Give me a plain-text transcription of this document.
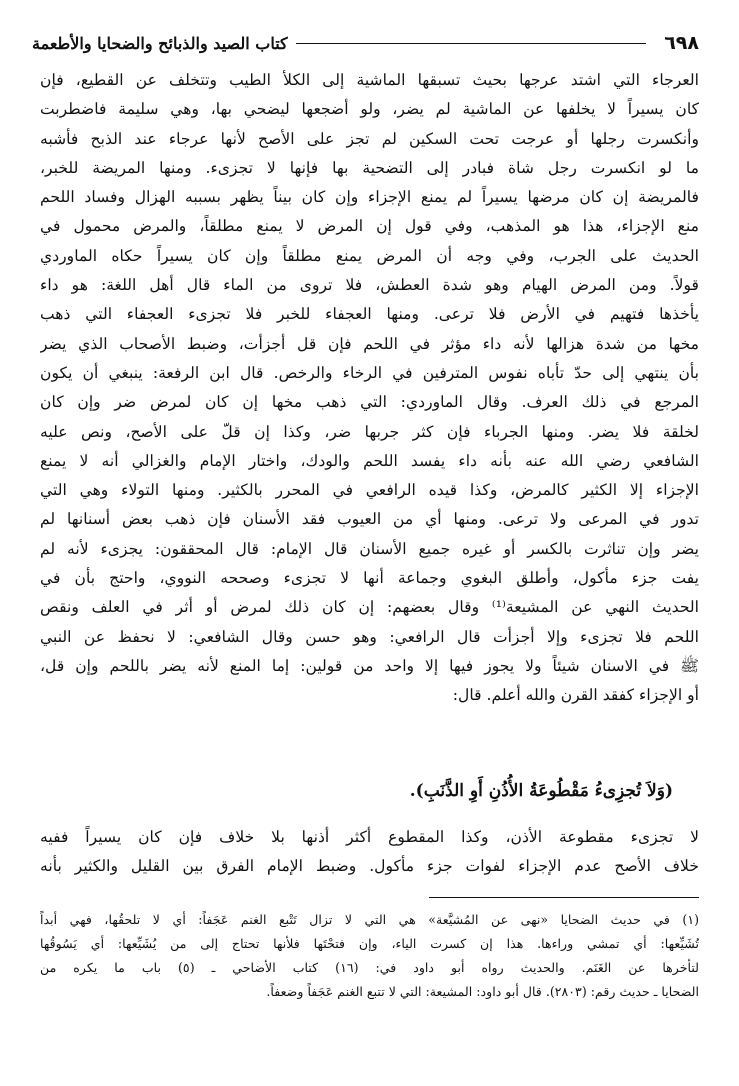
٦٩٨
كتاب الصيد والذبائح والضحايا والأطعمة
العرجاء التي اشتد عرجها بحيث تسبقها الماشية إلى الكلأ الطيب وتتخلف عن القطيع، فإن
كان يسيراً لا يخلفها عن الماشية لم يضر، ولو أضجعها ليضحي بها، وهي سليمة فاضطربت
وأنكسرت رجلها أو عرجت تحت السكين لم تجز على الأصح لأنها عرجاء عند الذبح فأشبه
ما لو انكسرت رجل شاة فبادر إلى التضحية بها فإنها لا تجزىء. ومنها المريضة للخبر،
فالمريضة إن كان مرضها يسيراً لم يمنع الإجزاء وإن كان بيناً يظهر بسببه الهزال وفساد اللحم
منع الإجزاء، هذا هو المذهب، وفي قول إن المرض لا يمنع مطلقاً، والمرض محمول في
الحديث على الجرب، وفي وجه أن المرض يمنع مطلقاً وإن كان يسيراً حكاه الماوردي
قولاً. ومن المرض الهيام وهو شدة العطش، فلا تروى من الماء قال أهل اللغة: هو داء
يأخذها فتهيم في الأرض فلا ترعى. ومنها العجفاء للخبر فلا تجزىء العجفاء التي ذهب
مخها من شدة هزالها لأنه داء مؤثر في اللحم فإن قل أجزأت، وضبط الأصحاب الذي يضر
بأن ينتهي إلى حدّ تأباه نفوس المترفين في الرخاء والرخص. قال ابن الرفعة: ينبغي أن يكون
المرجع في ذلك العرف. وقال الماوردي: التي ذهب مخها إن كان لمرض ضر وإن كان
لخلقة فلا يضر. ومنها الجرباء فإن كثر جربها ضر، وكذا إن قلّ على الأصح، ونص عليه
الشافعي رضي الله عنه بأنه داء يفسد اللحم والودك، واختار الإمام والغزالي أنه لا يمنع
الإجزاء إلا الكثير كالمرض، وكذا قيده الرافعي في المحرر بالكثير. ومنها التولاء وهي التي
تدور في المرعى ولا ترعى. ومنها أي من العيوب فقد الأسنان فإن ذهب بعض أسنانها لم
يضر وإن تناثرت بالكسر أو غيره جميع الأسنان قال الإمام: قال المحققون: يجزىء لأنه لم
يفت جزء مأكول، وأطلق البغوي وجماعة أنها لا تجزىء وصححه النووي، واحتج بأن في
الحديث النهي عن المشيعة⁽¹⁾ وقال بعضهم: إن كان ذلك لمرض أو أثر في العلف ونقص
اللحم فلا تجزىء وإلا أجزأت قال الرافعي: وهو حسن وقال الشافعي: لا نحفظ عن النبي
ﷺ في الاسنان شيئاً ولا يجوز فيها إلا واحد من قولين: إما المنع لأنه يضر باللحم وإن قل،
أو الإجزاء كفقد القرن والله أعلم. قال:
(وَلاَ تُجزِىءُ مَقْطُوعَةُ الأُذُنِ أَوِ الذَّنَبِ).
لا تجزىء مقطوعة الأذن، وكذا المقطوع أكثر أذنها بلا خلاف فإن كان يسيراً ففيه
خلاف الأصح عدم الإجزاء لفوات جزء مأكول. وضبط الإمام الفرق بين القليل والكثير بأنه
(١) في حديث الضحايا «نهى عن المُشيَّعة» هي التي لا تزال تَتْبع الغنم عَجَفاً: أي لا تلحقُها، فهي أبداً
تُشَيِّعها: أي تمشي وراءها. هذا إن كسرت الياء، وإن فتحْتَها فلأنها تحتاج إلى من يُشَيِّعها: أي يَسُوقُها
لتأخرها عن الغَنَم. والحديث رواه أبو داود في: (١٦) كتاب الأضاحي ـ (٥) باب ما يكره من
الضحايا ـ حديث رقم: (٢٨٠٣). قال أبو داود: المشيعة: التي لا تتبع الغنم عَجَفاً وضعفاً.
